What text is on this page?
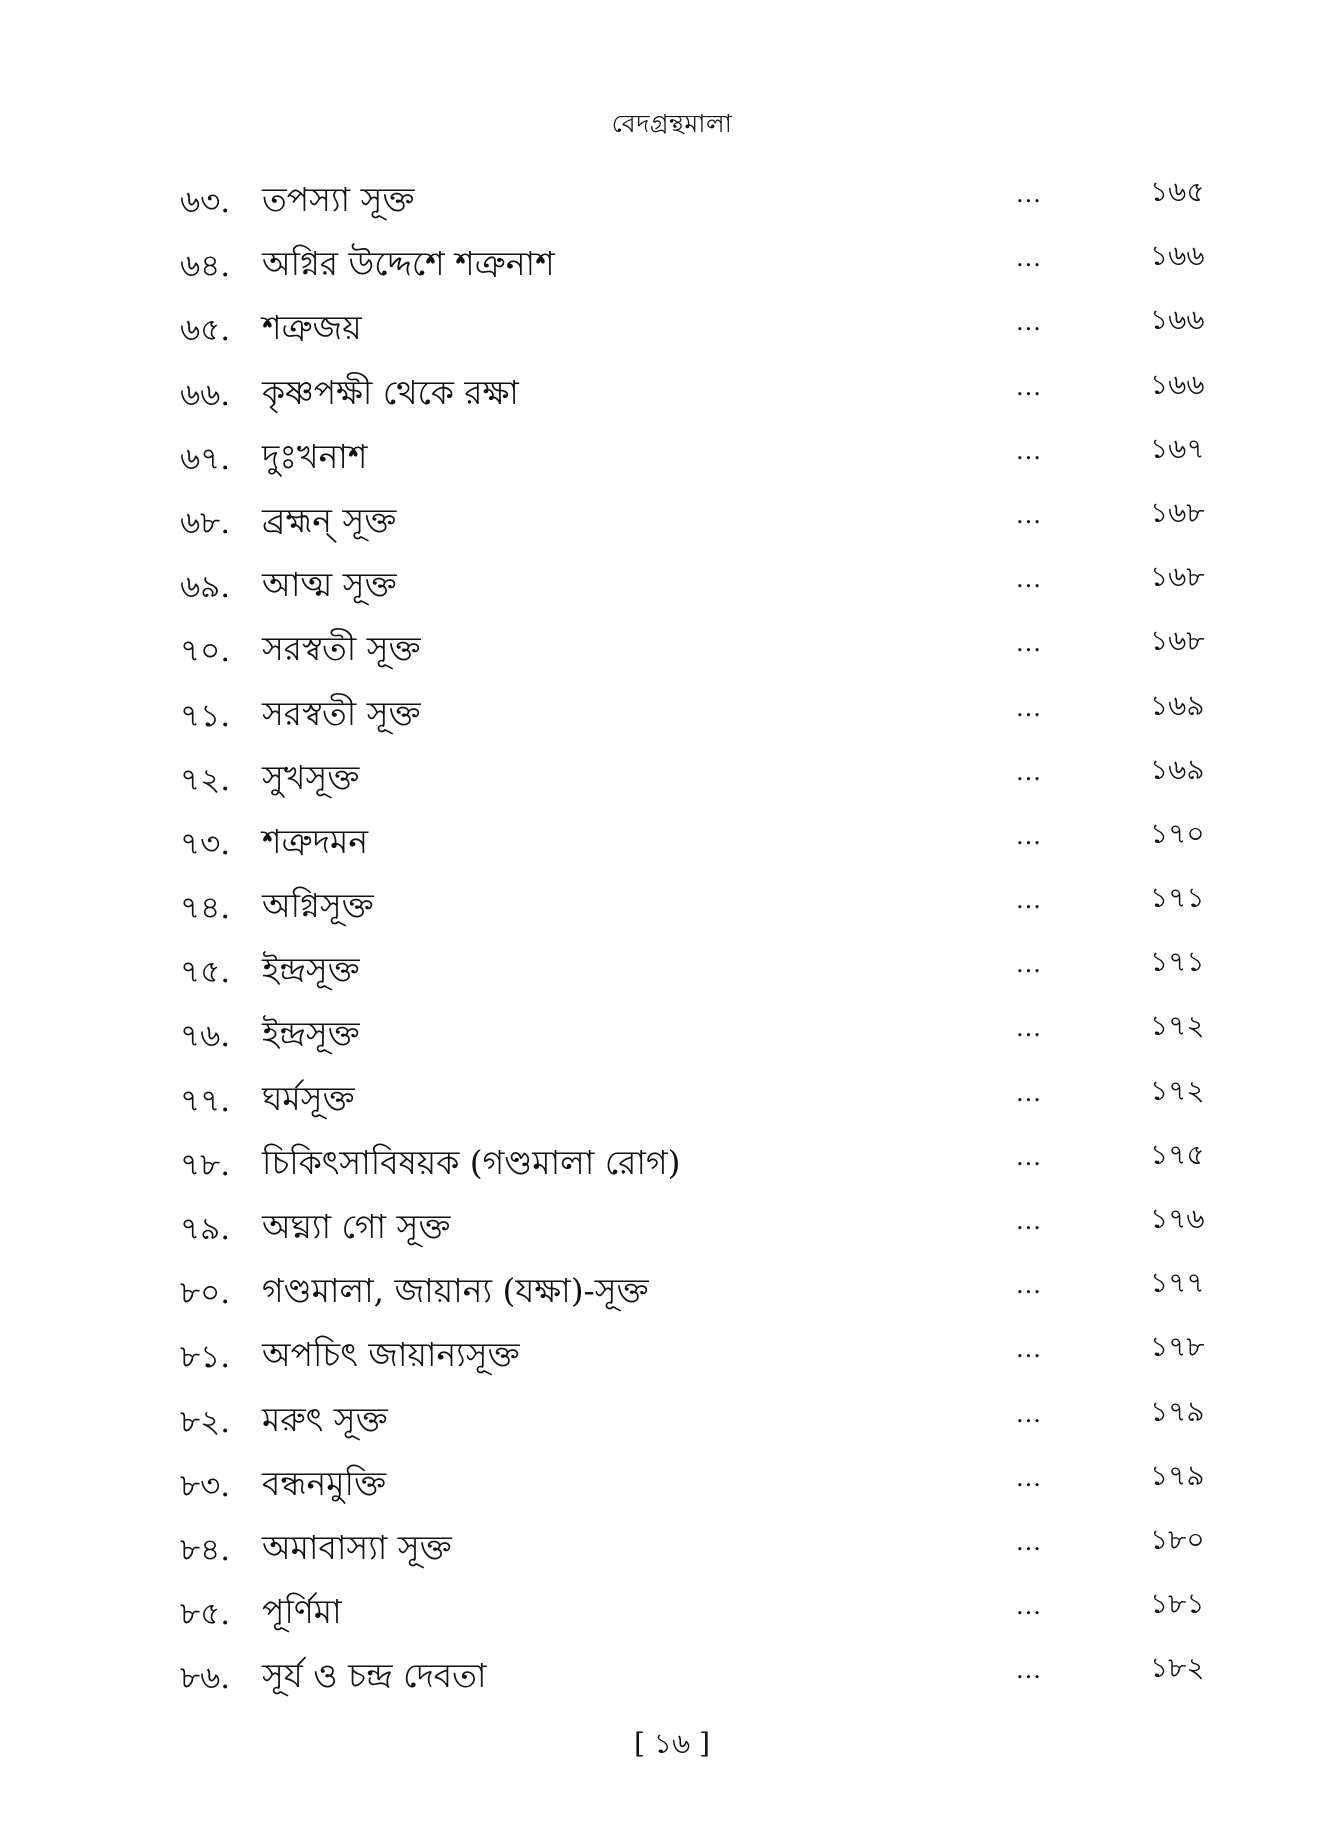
বেদগ্রন্থমালা
৬৩. তপস্যা সূক্ত	...	১৬৫
৬৪. অগ্নির উদ্দেশে শত্রুনাশ	...	১৬৬
৬৫. শত্রুজয়	...	১৬৬
৬৬. কৃষ্ণপক্ষী থেকে রক্ষা	...	১৬৬
৬৭. দুঃখনাশ	...	১৬৭
৬৮. ব্রহ্মন্ সূক্ত	...	১৬৮
৬৯. আত্ম সূক্ত	...	১৬৮
৭০. সরস্বতী সূক্ত	...	১৬৮
৭১. সরস্বতী সূক্ত	...	১৬৯
৭২. সুখসূক্ত	...	১৬৯
৭৩. শত্রুদমন	...	১৭০
৭৪. অগ্নিসূক্ত	...	১৭১
৭৫. ইন্দ্রসূক্ত	...	১৭১
৭৬. ইন্দ্রসূক্ত	...	১৭২
৭৭. ঘর্মসূক্ত	...	১৭২
৭৮. চিকিৎসাবিষয়ক (গণ্ডমালা রোগ)	...	১৭৫
৭৯. অঘ্ন্যা গো সূক্ত	...	১৭৬
৮০. গণ্ডমালা, জায়ান্য (যক্ষা)-সূক্ত	...	১৭৭
৮১. অপচিৎ জায়ান্যসূক্ত	...	১৭৮
৮২. মরুৎ সূক্ত	...	১৭৯
৮৩. বন্ধনমুক্তি	...	১৭৯
৮৪. অমাবাস্যা সূক্ত	...	১৮০
৮৫. পূর্ণিমা	...	১৮১
৮৬. সূর্য ও চন্দ্র দেবতা	...	১৮২
[ ১৬ ]
